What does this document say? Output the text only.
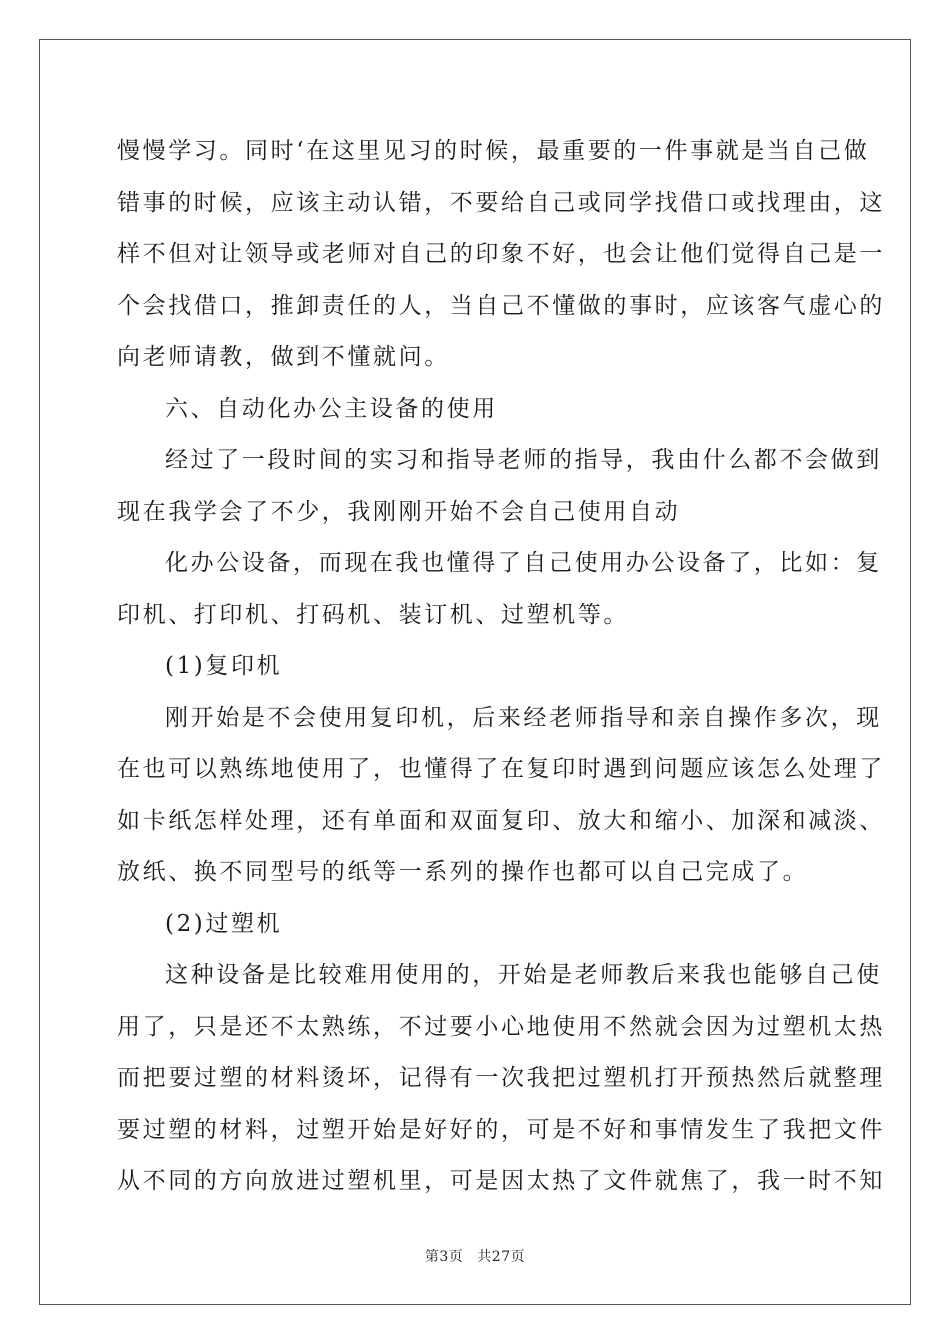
慢慢学习。同时‘在这里见习的时候，最重要的一件事就是当自己做
错事的时候，应该主动认错，不要给自己或同学找借口或找理由，这
样不但对让领导或老师对自己的印象不好，也会让他们觉得自己是一
个会找借口，推卸责任的人，当自己不懂做的事时，应该客气虚心的
向老师请教，做到不懂就问。
六、自动化办公主设备的使用
经过了一段时间的实习和指导老师的指导，我由什么都不会做到
现在我学会了不少，我刚刚开始不会自己使用自动
化办公设备，而现在我也懂得了自己使用办公设备了，比如：复
印机、打印机、打码机、装订机、过塑机等。
(1)复印机
刚开始是不会使用复印机，后来经老师指导和亲自操作多次，现
在也可以熟练地使用了，也懂得了在复印时遇到问题应该怎么处理了
如卡纸怎样处理，还有单面和双面复印、放大和缩小、加深和减淡、
放纸、换不同型号的纸等一系列的操作也都可以自己完成了。
(2)过塑机
这种设备是比较难用使用的，开始是老师教后来我也能够自己使
用了，只是还不太熟练，不过要小心地使用不然就会因为过塑机太热
而把要过塑的材料烫坏，记得有一次我把过塑机打开预热然后就整理
要过塑的材料，过塑开始是好好的，可是不好和事情发生了我把文件
从不同的方向放进过塑机里，可是因太热了文件就焦了，我一时不知
第3页 共27页
